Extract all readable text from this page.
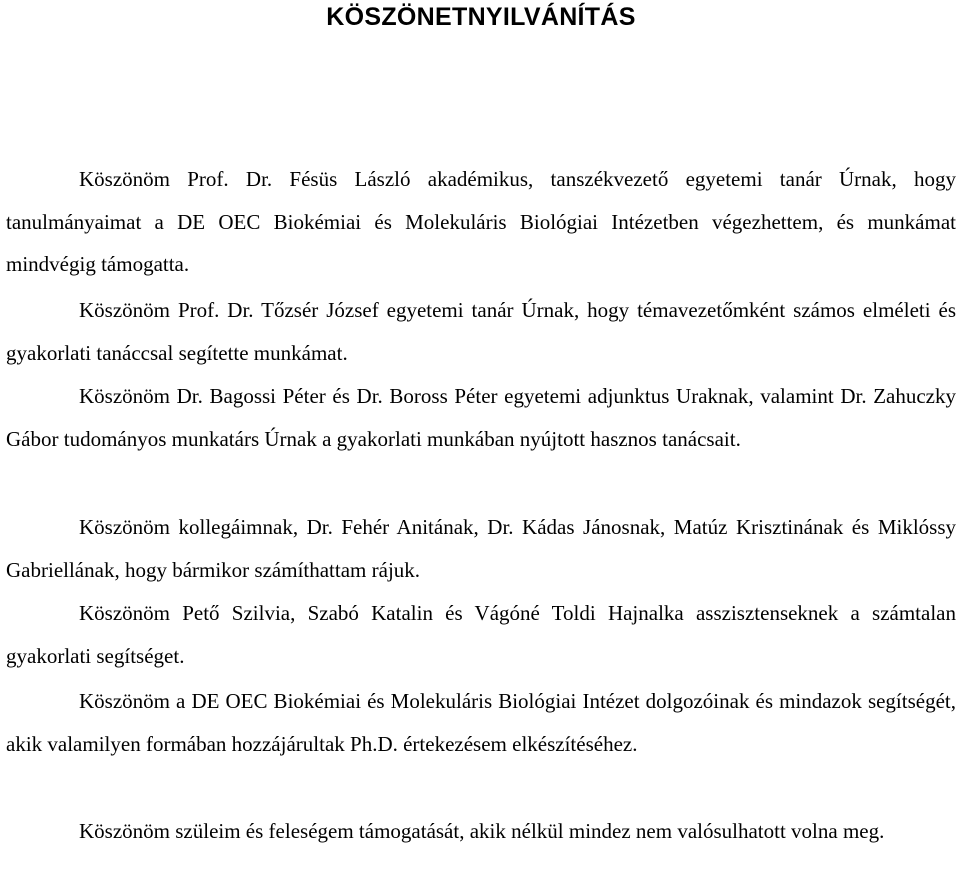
KÖSZÖNETNYILVÁNÍTÁS

Köszönöm Prof. Dr. Fésüs László akadémikus, tanszékvezető egyetemi tanár Úrnak, hogy tanulmányaimat a DE OEC Biokémiai és Molekuláris Biológiai Intézetben végezhettem, és munkámat mindvégig támogatta.

Köszönöm Prof. Dr. Tőzsér József egyetemi tanár Úrnak, hogy témavezetőmként számos elméleti és gyakorlati tanáccsal segítette munkámat.

Köszönöm Dr. Bagossi Péter és Dr. Boross Péter egyetemi adjunktus Uraknak, valamint Dr. Zahuczky Gábor tudományos munkatárs Úrnak a gyakorlati munkában nyújtott hasznos tanácsait.

Köszönöm kollegáimnak, Dr. Fehér Anitának, Dr. Kádas Jánosnak, Matúz Krisztinának és Miklóssy Gabriellának, hogy bármikor számíthattam rájuk.

Köszönöm Pető Szilvia, Szabó Katalin és Vágóné Toldi Hajnalka asszisztenseknek a számtalan gyakorlati segítséget.

Köszönöm a DE OEC Biokémiai és Molekuláris Biológiai Intézet dolgozóinak és mindazok segítségét, akik valamilyen formában hozzájárultak Ph.D. értekezésem elkészítéséhez.

Köszönöm szüleim és feleségem támogatását, akik nélkül mindez nem valósulhatott volna meg.
